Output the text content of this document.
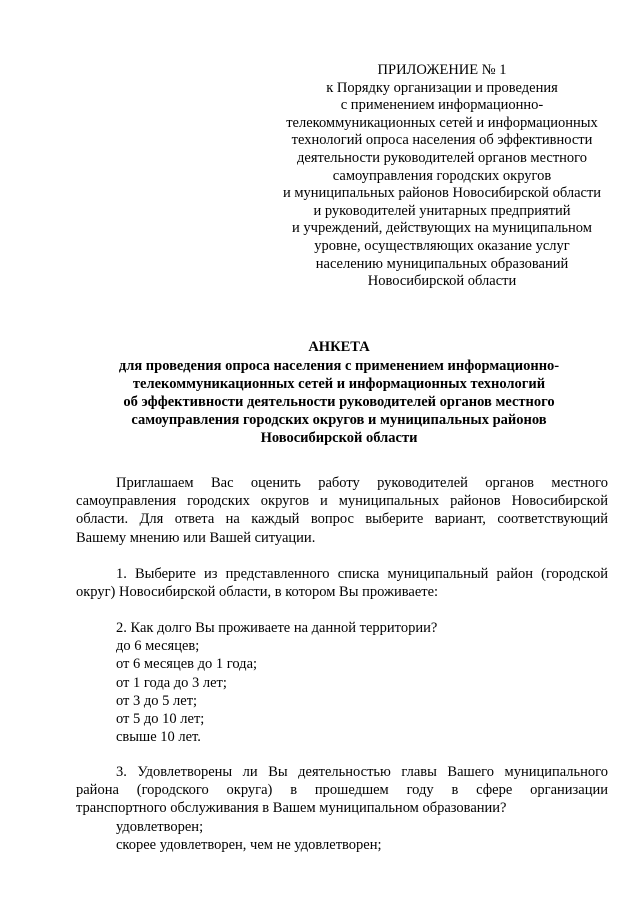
ПРИЛОЖЕНИЕ № 1
к Порядку организации и проведения
с применением информационно-
телекоммуникационных сетей и информационных
технологий опроса населения об эффективности
деятельности руководителей органов местного
самоуправления городских округов
и муниципальных районов Новосибирской области
и руководителей унитарных предприятий
и учреждений, действующих на муниципальном
уровне, осуществляющих оказание услуг
населению муниципальных образований
Новосибирской области
АНКЕТА
для проведения опроса населения с применением информационно-
телекоммуникационных сетей и информационных технологий
об эффективности деятельности руководителей органов местного
самоуправления городских округов и муниципальных районов
Новосибирской области
Приглашаем Вас оценить работу руководителей органов местного
самоуправления городских округов и муниципальных районов Новосибирской
области. Для ответа на каждый вопрос выберите вариант, соответствующий
Вашему мнению или Вашей ситуации.
1. Выберите из представленного списка муниципальный район (городской
округ) Новосибирской области, в котором Вы проживаете:
2. Как долго Вы проживаете на данной территории?
до 6 месяцев;
от 6 месяцев до 1 года;
от 1 года до 3 лет;
от 3 до 5 лет;
от 5 до 10 лет;
свыше 10 лет.
3. Удовлетворены ли Вы деятельностью главы Вашего муниципального
района (городского округа) в прошедшем году в сфере организации
транспортного обслуживания в Вашем муниципальном образовании?
удовлетворен;
скорее удовлетворен, чем не удовлетворен;
